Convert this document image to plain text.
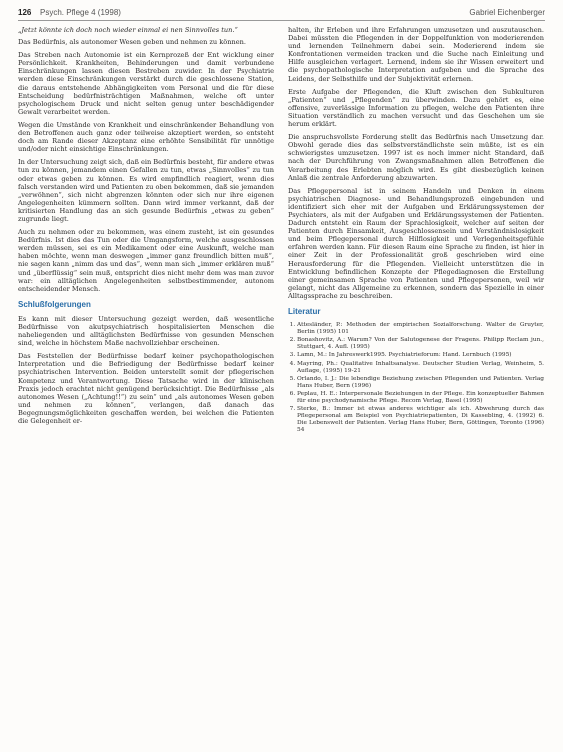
126 Psych. Pflege 4 (1998)	Gabriel Eichenberger

„Jetzt könnte ich doch noch wieder einmal ei nen Sinnvolles tun.“

Das Bedürfnis, als autonomer Wesen geben und nehmen zu können.

Das Streben nach Autonomie ist ein Kernprozeß der Ent wicklung einer Persönlichkeit. Krankheiten, Behinderungen und damit verbundene Einschränkungen lassen diesen Bestreben zuwider. In der Psychiatrie werden diese Einschränkungen verstärkt durch die geschlossene Station, die daraus entstehende Abhängigkeiten vom Personal und die für diese Entscheidung bedürfnisträchtigen Maßnahmen, welche oft unter psychologischem Druck und nicht selten genug unter beschädigender Gewalt verarbeitet werden.

Wegen die Umstände von Krankheit und einschränkender Behandlung von den Betroffenen auch ganz oder teilweise akzeptiert werden, so entsteht doch am Rande dieser Akzeptanz eine erhöhte Sensibilität für unnötige und/oder nicht einsichtige Einschränkungen.

In der Untersuchung zeigt sich, daß ein Bedürfnis besteht, für andere etwas tun zu können, jemandem einen Gefallen zu tun, etwas „Sinnvolles“ zu tun oder etwas geben zu können. Es wird empfindlich reagiert, wenn dies falsch verstanden wird und Patienten zu oben bekommen, daß sie jemanden „verwöhnen“, sich nicht abgrenzen könnten oder sich nur ihre eigenen Angelegenheiten kümmern sollten. Dann wird immer verkannt, daß der kritisierten Handlung das an sich gesunde Bedürfnis „etwas zu geben“ zugrunde liegt.

Auch zu nehmen oder zu bekommen, was einem zusteht, ist ein gesundes Bedürfnis. Ist dies das Tun oder die Umgangsform, welche ausgeschlossen werden müssen, sei es ein Medikament oder eine Auskunft, welche man haben möchte, wenn man deswegen „immer ganz freundlich bitten muß“, nie sagen kann „nimm das und das“, wenn man sich „immer erklären muß“ und „überflüssig“ sein muß, entspricht dies nicht mehr dem was man zuvor war: ein alltäglichen Angelegenheiten selbstbestimmender, autonom entscheidender Mensch.

Schlußfolgerungen

Es kann mit dieser Untersuchung gezeigt werden, daß wesentliche Bedürfnisse von akutpsychiatrisch hospitalisierten Menschen die naheliegenden und alltäglichsten Bedürfnisse von gesunden Menschen sind, welche in höchstem Maße nachvollziehbar erscheinen.

Das Feststellen der Bedürfnisse bedarf keiner psychopathologischen Interpretation und die Befriedigung der Bedürfnisse bedarf keiner psychiatrischen Intervention. Beiden unterstellt somit der pflegerischen Kompetenz und Verantwortung. Diese Tatsache wird in der klinischen Praxis jedoch erachtet nicht genügend berücksichtigt. Die Bedürfnisse „als autonomes Wesen („Achtung!!“) zu sein“ und „als autonomes Wesen geben und nehmen zu können“, verlangen, daß danach das Begegnungsmöglichkeiten geschaffen werden, bei welchen die Patienten die Gelegenheit er-

halten, ihr Erleben und ihre Erfahrungen umzusetzen und auszutauschen. Dabei müssten die Pflegenden in der Doppelfunktion von moderierenden und lernenden Teilnehmern dabei sein. Moderierend indem sie Konfrontationen vermeiden tracken und die Suche nach Einleitung und Hilfe ausgleichen verlagert. Lernend, indem sie ihr Wissen erweitert und die psychopathologische Interpretation aufgeben und die Sprache des Leidens, der Selbsthilfe und der Subjektivität erlernen.

Erste Aufgabe der Pflegenden, die Kluft zwischen den Subkulturen „Patienten“ und „Pflegenden“ zu überwinden. Dazu gehört es, eine offensive, zuverlässige Information zu pflegen, welche den Patienten ihre Situation verständlich zu machen versucht und das Geschehen um sie herum erklärt.

Die anspruchsvollste Forderung stellt das Bedürfnis nach Umsetzung dar. Obwohl gerade dies das selbstverständlichste sein müßte, ist es ein schwierigstes umzusetzen. 1997 ist es noch immer nicht Standard, daß nach der Durchführung von Zwangsmaßnahmen allen Betroffenen die Verarbeitung des Erlebten möglich wird. Es gibt diesbezüglich keinen Anlaß die zentrale Anforderung abzuwarten.

Das Pflegepersonal ist in seinem Handeln und Denken in einem psychiatrischen Diagnose- und Behandlungsprozeß eingebunden und identifiziert sich eher mit der Aufgaben und Erklärungssystemen der Psychiaters, als mit der Aufgaben und Erklärungssystemen der Patienten. Dadurch entsteht ein Raum der Sprachlosigkeit, welcher auf seiten der Patienten durch Einsamkeit, Ausgeschlossensein und Verständnislosigkeit und beim Pflegepersonal durch Hilflosigkeit und Verlegenheitsgefühle erfahren werden kann. Für diesen Raum eine Sprache zu finden, ist hier in einer Zeit in der Professionalität groß geschrieben wird eine Herausforderung für die Pflegenden. Vielleicht unterstützen die in Entwicklung befindlichen Konzepte der Pflegediagnosen die Erstellung einer gemeinsamen Sprache von Patienten und Pflegepersonen, weil wir gelangt, nicht das Allgemeine zu erkennen, sondern das Spezielle in einer Alltagssprache zu beschreiben.

Literatur
1. Attesländer, P.: Methoden der empirischen Sozialforschung. Walter de Gruyter, Berlin (1995) 101
2. Bonashovitz, A.: Warum? Von der Salutogenese der Fragens. Philipp Reclam jun., Stuttgart, 4. Aufl. (1995)
3. Lamn, M.: In Jahreswerk1995. Psychiatrieforum: Hand. Lernbuch (1995)
4. Mayring, Ph.: Qualitative Inhaltsanalyse. Deutscher Studien Verlag, Weinheim, 5. Auflage, (1995) 19-21
5. Orlando, I. J.: Die lebendige Beziehung zwischen Pflegenden und Patienten. Verlag Hans Huber, Bern (1996)
6. Peplau, H. E.: Interpersonale Beziehungen in der Pflege. Ein konzeptueller Bahmen für eine psychodynamische Pflege. Recom Verlag, Basel (1995)
7. Sterke, B.: Immer ist etwas anderes wichtiger als ich. Abwehrung durch das Pflegepersonal am Beispiel von Psychiatriepatienten, Di Kassebling, 4. (1992) 6. Die Lebenswelt der Patienten. Verlag Hans Huber, Bern, Göttingen, Toronto (1996) 54
